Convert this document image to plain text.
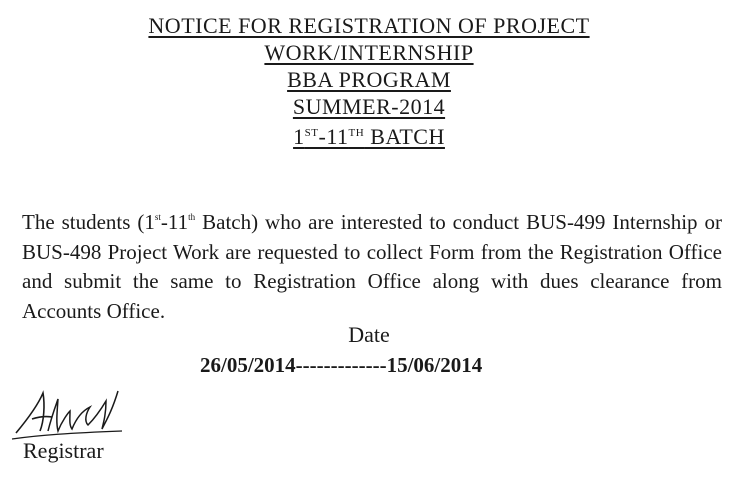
NOTICE FOR REGISTRATION OF PROJECT
WORK/INTERNSHIP
BBA PROGRAM
SUMMER-2014
1ST-11TH BATCH

The students (1st-11th Batch) who are interested to conduct BUS-499 Internship or BUS-498 Project Work are requested to collect Form from the Registration Office and submit the same to Registration Office along with dues clearance from Accounts Office.

Date
26/05/2014-------------15/06/2014
Registrar
